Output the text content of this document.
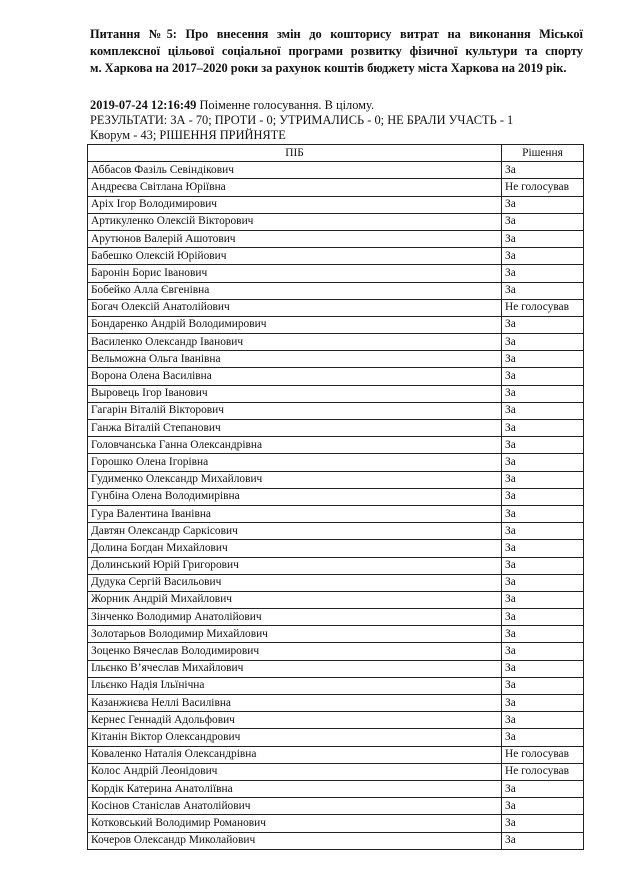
Питання №5: Про внесення змін до кошторису витрат на виконання Міської
комплексної цільової соціальної програми розвитку фізичної культури та спорту
м. Харкова на 2017–2020 роки за рахунок коштів бюджету міста Харкова на 2019 рік.
2019-07-24 12:16:49 Поіменне голосування. В цілому.
РЕЗУЛЬТАТИ: ЗА - 70; ПРОТИ - 0; УТРИМАЛИСЬ - 0; НЕ БРАЛИ УЧАСТЬ - 1
Кворум - 43; РІШЕННЯ ПРИЙНЯТЕ
ПІБ	Рішення
Аббасов Фазіль Севіндікович	За
Андреєва Світлана Юріївна	Не голосував
Аріх Ігор Володимирович	За
Артикуленко Олексій Вікторович	За
Арутюнов Валерій Ашотович	За
Бабешко Олексій Юрійович	За
Баронін Борис Іванович	За
Бобейко Алла Євгенівна	За
Богач Олексій Анатолійович	Не голосував
Бондаренко Андрій Володимирович	За
Василенко Олександр Іванович	За
Вельможна Ольга Іванівна	За
Ворона Олена Василівна	За
Выровець Ігор Іванович	За
Гагарін Віталій Вікторович	За
Ганжа Віталій Степанович	За
Головчанська Ганна Олександрівна	За
Горошко Олена Ігорівна	За
Гудименко Олександр Михайлович	За
Гунбіна Олена Володимирівна	За
Гура Валентина Іванівна	За
Давтян Олександр Саркісович	За
Долина Богдан Михайлович	За
Долинський Юрій Григорович	За
Дудука Сергій Васильович	За
Жорник Андрій Михайлович	За
Зінченко Володимир Анатолійович	За
Золотарьов Володимир Михайлович	За
Зоценко Вячеслав Володимирович	За
Ільєнко В’ячеслав Михайлович	За
Ільєнко Надія Ільїнічна	За
Казанжиєва Неллі Василівна	За
Кернес Геннадій Адольфович	За
Кітанін Віктор Олександрович	За
Коваленко Наталія Олександрівна	Не голосував
Колос Андрій Леонідович	Не голосував
Кордік Катерина Анатоліївна	За
Косінов Станіслав Анатолійович	За
Котковський Володимир Романович	За
Кочеров Олександр Миколайович	За
